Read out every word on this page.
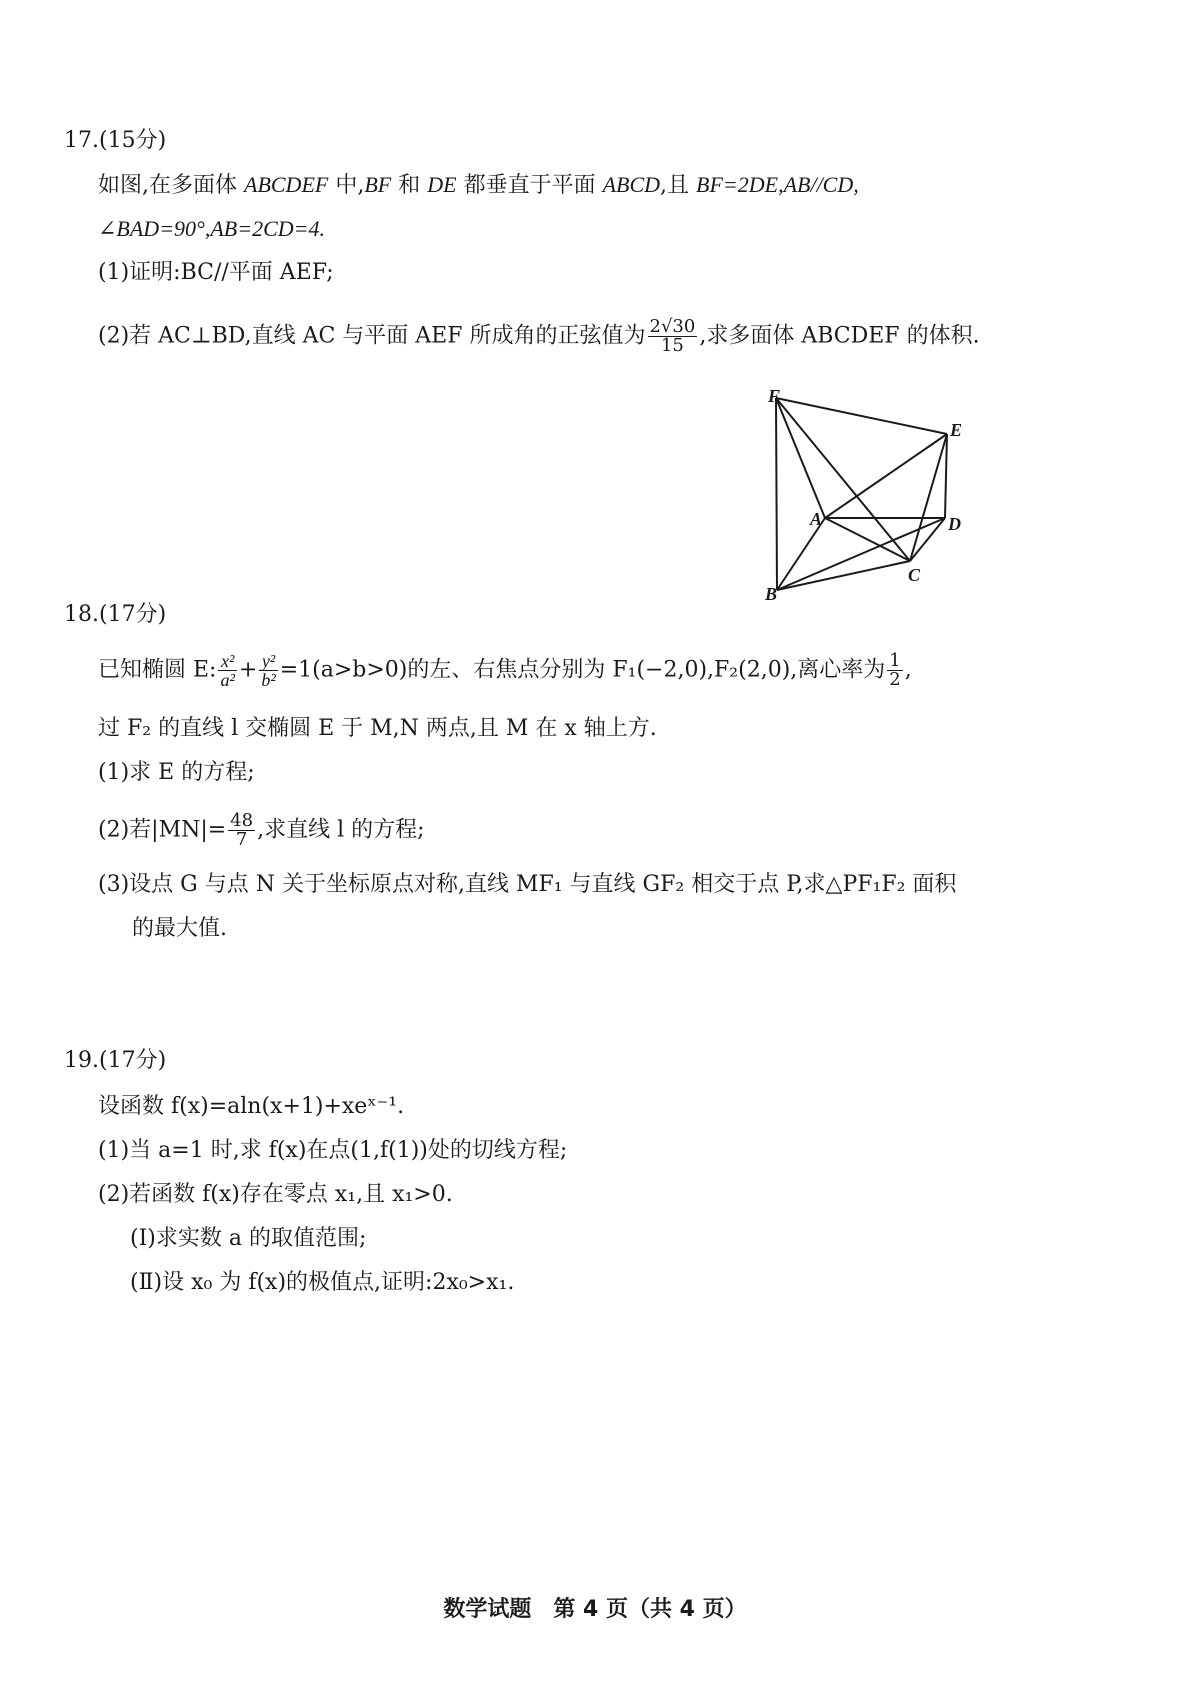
17.(15分)
如图,在多面体 ABCDEF 中,BF 和 DE 都垂直于平面 ABCD,且 BF=2DE,AB//CD,
∠BAD=90°,AB=2CD=4.
(1)证明:BC//平面 AEF;
(2)若 AC⊥BD,直线 AC 与平面 AEF 所成角的正弦值为 $\frac{2√30}{15}$ ,求多面体 ABCDEF 的体积.
F
E
A	D
B
C
18.(17分)
已知椭圆 E: $\frac{\text{x²}}{\text{a²}} + \frac{\text{y²}}{\text{b²}} =1(a>b>0)$的左、右焦点分别为 F₁(−2,0),F₂(2,0),离心率为 $\frac{1}{2}$ ,
过 F₂ 的直线 l 交椭圆 E 于 M,N 两点,且 M 在 x 轴上方.
(1)求 E 的方程;
(2)若$|MN|= \frac{48}{7}$ ,求直线 l 的方程;
(3)设点 G 与点 N 关于坐标原点对称,直线 MF₁ 与直线 GF₂ 相交于点 P,求△PF₁F₂ 面积
的最大值.
19.(17分)
设函数 f(x)=aln(x+1)+xeˣ⁻¹.
(1)当 a=1 时,求 f(x)在点(1,f(1))处的切线方程;
(2)若函数 f(x)存在零点 x₁,且 x₁>0.
(Ⅰ)求实数 a 的取值范围;
(Ⅱ)设 x₀ 为 f(x)的极值点,证明:2x₀>x₁.
数学试题　第 4 页（共 4 页）
